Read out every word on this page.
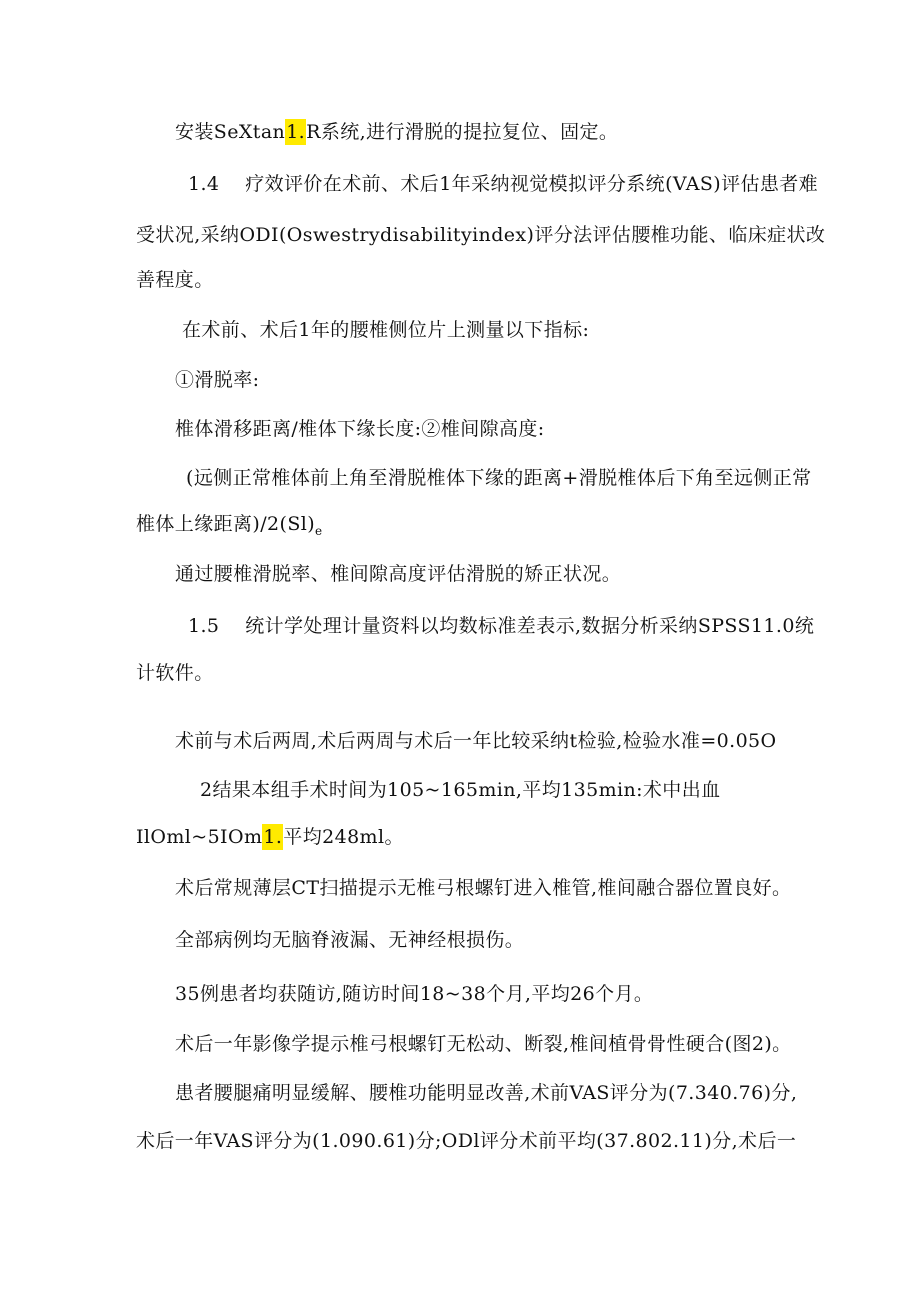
安装SeXtan1.R系统,进行滑脱的提拉复位、固定。
1.4 疗效评价在术前、术后1年采纳视觉模拟评分系统(VAS)评估患者难
受状况,采纳ODI(Oswestrydisabilityindex)评分法评估腰椎功能、临床症状改
善程度。
在术前、术后1年的腰椎侧位片上测量以下指标:
①滑脱率:
椎体滑移距离/椎体下缘长度:②椎间隙高度:
(远侧正常椎体前上角至滑脱椎体下缘的距离+滑脱椎体后下角至远侧正常
椎体上缘距离)$/2(Sl)_e$
通过腰椎滑脱率、椎间隙高度评估滑脱的矫正状况。
1.5 统计学处理计量资料以均数标准差表示,数据分析采纳SPSS11.0统
计软件。
术前与术后两周,术后两周与术后一年比较采纳t检验,检验水准=0.05O
2结果本组手术时间为105~165min,平均135min:术中出血
IlOml~5IOm1.平均248ml。
术后常规薄层CT扫描提示无椎弓根螺钉进入椎管,椎间融合器位置良好。
全部病例均无脑脊液漏、无神经根损伤。
35例患者均获随访,随访时间18~38个月,平均26个月。
术后一年影像学提示椎弓根螺钉无松动、断裂,椎间植骨骨性硬合(图2)。
患者腰腿痛明显缓解、腰椎功能明显改善,术前VAS评分为(7.340.76)分,
术后一年VAS评分为(1.090.61)分;ODl评分术前平均(37.802.11)分,术后一
